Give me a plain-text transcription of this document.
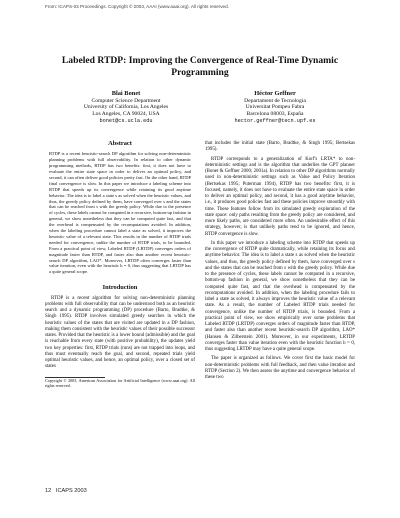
From: ICAPS-03 Proceedings. Copyright © 2003, AAAI (www.aaai.org). All rights reserved.
Labeled RTDP: Improving the Convergence of Real-Time Dynamic Programming
Blai Bonet
Computer Science Department
University of California, Los Angeles
Los Angeles, CA 90024, USA
bonet@cs.ucla.edu
Héctor Geffner
Departament de Tecnologia
Universitat Pompeu Fabra
Barcelona 08003, España
hector.geffner@tecn.upf.es
Abstract
RTDP is a recent heuristic-search DP algorithm for solving non-deterministic planning problems with full observability. In relation to other dynamic programming methods, RTDP has two benefits: first, it does not have to evaluate the entire state space in order to deliver an optimal policy, and second, it can often deliver good policies pretty fast. On the other hand, RTDP final convergence is slow. In this paper we introduce a labeling scheme into RTDP that speeds up its convergence while retaining its good anytime behavior. The idea is to label a state s as solved when the heuristic values, and thus, the greedy policy defined by them, have converged over s and the states that can be reached from s with the greedy policy. While due to the presence of cycles, these labels cannot be computed in a recursive, bottom-up fashion in general, we show nonetheless that they can be computed quite fast, and that the overhead is compensated by the recomputations avoided. In addition, when the labeling procedure cannot label a state as solved, it improves the heuristic value of a relevant state. This results in the number of RTDP trials needed for convergence, unlike the number of RTDP trials, to be bounded. From a practical point of view, Labeled RTDP (LRTDP) converges orders of magnitude faster than RTDP, and faster also than another recent heuristic-search DP algorithm, LAO*. Moreover, LRTDP often converges faster than value iteration, even with the heuristic h = 0, thus suggesting that LRTDP has a quite general scope.
Introduction

RTDP is a recent algorithm for solving non-deterministic planning problems with full observability that can be understood both as an heuristic search and a dynamic programming (DP) procedure (Barto, Bradtke, & Singh 1995). RTDP involves simulated greedy searches in which the heuristic values of the states that are visited are updated in a DP fashion, making them consistent with the heuristic values of their possible successor states. Provided that the heuristic is a lower bound (admissible) and the goal is reachable from every state (with positive probability), the updates yield two key properties: first, RTDP trials (runs) are not trapped into loops, and thus must eventually reach the goal, and second, repeated trials yield optimal heuristic values, and hence, an optimal policy, over a closed set of states

Copyright © 2003, American Association for Artificial Intelligence (www.aaai.org). All rights reserved.

that includes the initial state (Barto, Bradtke, & Singh 1995; Bertsekas 1995).

RTDP corresponds to a generalization of Korf's LRTA* to non-deterministic settings and is the algorithm that underlies the GPT planner (Bonet & Geffner 2000; 2001a). In relation to other DP algorithms normally used in non-deterministic settings such as Value and Policy Iteration (Bertsekas 1995; Puterman 1994), RTDP has two benefits: first, it is focused, namely, it does not have to evaluate the entire state space in order to deliver an optimal policy, and second, it has a good anytime behavior, i.e., it produces good policies fast and these policies improve smoothly with time. These features follow from its simulated greedy exploration of the state space: only paths resulting from the greedy policy are considered, and more likely paths, are considered more often. An undesirable effect of this strategy, however, is that unlikely paths tend to be ignored, and hence, RTDP convergence is slow.

In this paper we introduce a labeling scheme into RTDP that speeds up the convergence of RTDP quite dramatically, while retaining its focus and anytime behavior. The idea is to label a state s as solved when the heuristic values, and thus, the greedy policy defined by them, have converged over s and the states that can be reached from s with the greedy policy. While due to the presence of cycles, these labels cannot be computed in a recursive, bottom-up fashion in general, we show nonetheless that they can be computed quite fast, and that the overhead is compensated by the recomputations avoided. In addition, when the labeling procedure fails to label a state as solved, it always improves the heuristic value of a relevant state. As a result, the number of Labeled RTDP trials needed for convergence, unlike the number of RTDP trials, is bounded. From a practical point of view, we show empirically over some problems that Labeled RTDP (LRTDP) converges orders of magnitude faster than RTDP, and faster also than another recent heuristic-search DP algorithm, LAO* (Hansen & Zilberstein 2001). Moreover, in our experiments, LRTDP converges faster than value iteration even with the heuristic function h = 0, thus suggesting LRTDP may have a quite general scope.

The paper is organized as follows. We cover first the basic model for non-deterministic problems with full feedback, and then value iteration and RTDP (Section 2). We then assess the anytime and convergence behavior of these two

12 ICAPS 2003
